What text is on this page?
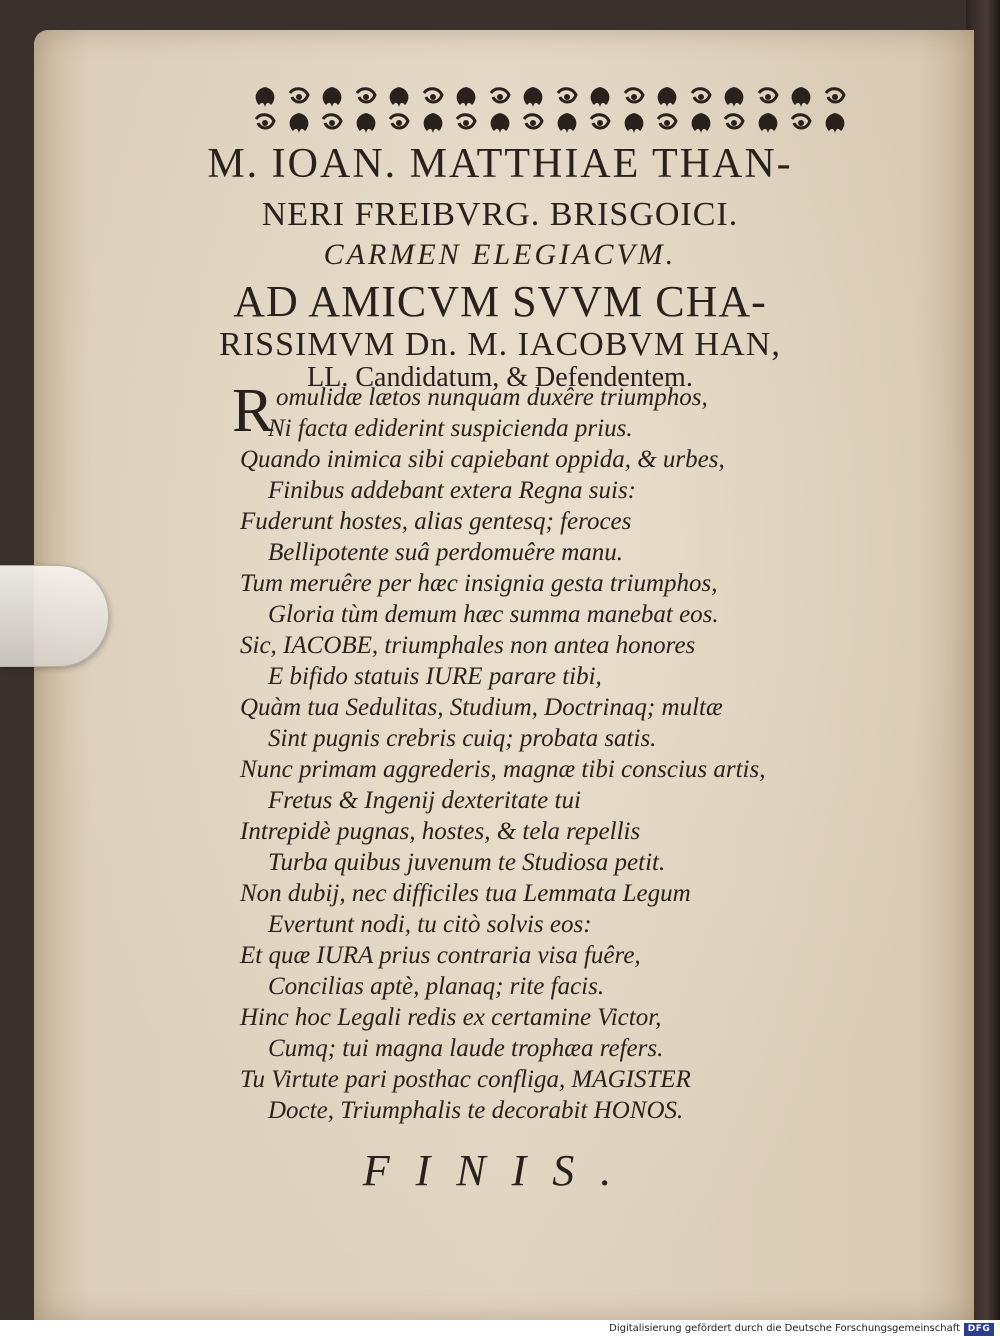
M. IOAN. MATTHIAE THAN-
NERI FREIBVRG. BRISGOICI.
CARMEN ELEGIACVM.
AD AMICVM SVVM CHA-
RISSIMVM Dn. M. IACOBVM HAN,
LL. Candidatum, & Defendentem.
R omulidæ lætos nunquam duxêre triumphos,
Ni facta ediderint suspicienda prius.
Quando inimica sibi capiebant oppida, & urbes,
Finibus addebant extera Regna suis:
Fuderunt hostes, alias gentesq; feroces
Bellipotente suâ perdomuêre manu.
Tum meruêre per hæc insignia gesta triumphos,
Gloria tùm demum hæc summa manebat eos.
Sic, IACOBE, triumphales non antea honores
E bifido statuis IURE parare tibi,
Quàm tua Sedulitas, Studium, Doctrinaq; multæ
Sint pugnis crebris cuiq; probata satis.
Nunc primam aggrederis, magnæ tibi conscius artis,
Fretus & Ingenij dexteritate tui
Intrepidè pugnas, hostes, & tela repellis
Turba quibus juvenum te Studiosa petit.
Non dubij, nec difficiles tua Lemmata Legum
Evertunt nodi, tu citò solvis eos:
Et quæ IURA prius contraria visa fuêre,
Concilias aptè, planaq; rite facis.
Hinc hoc Legali redis ex certamine Victor,
Cumq; tui magna laude trophæa refers.
Tu Virtute pari posthac confliga, MAGISTER
Docte, Triumphalis te decorabit HONOS.
FINIS.
Digitalisierung gefördert durch die Deutsche Forschungsgemeinschaft DFG
